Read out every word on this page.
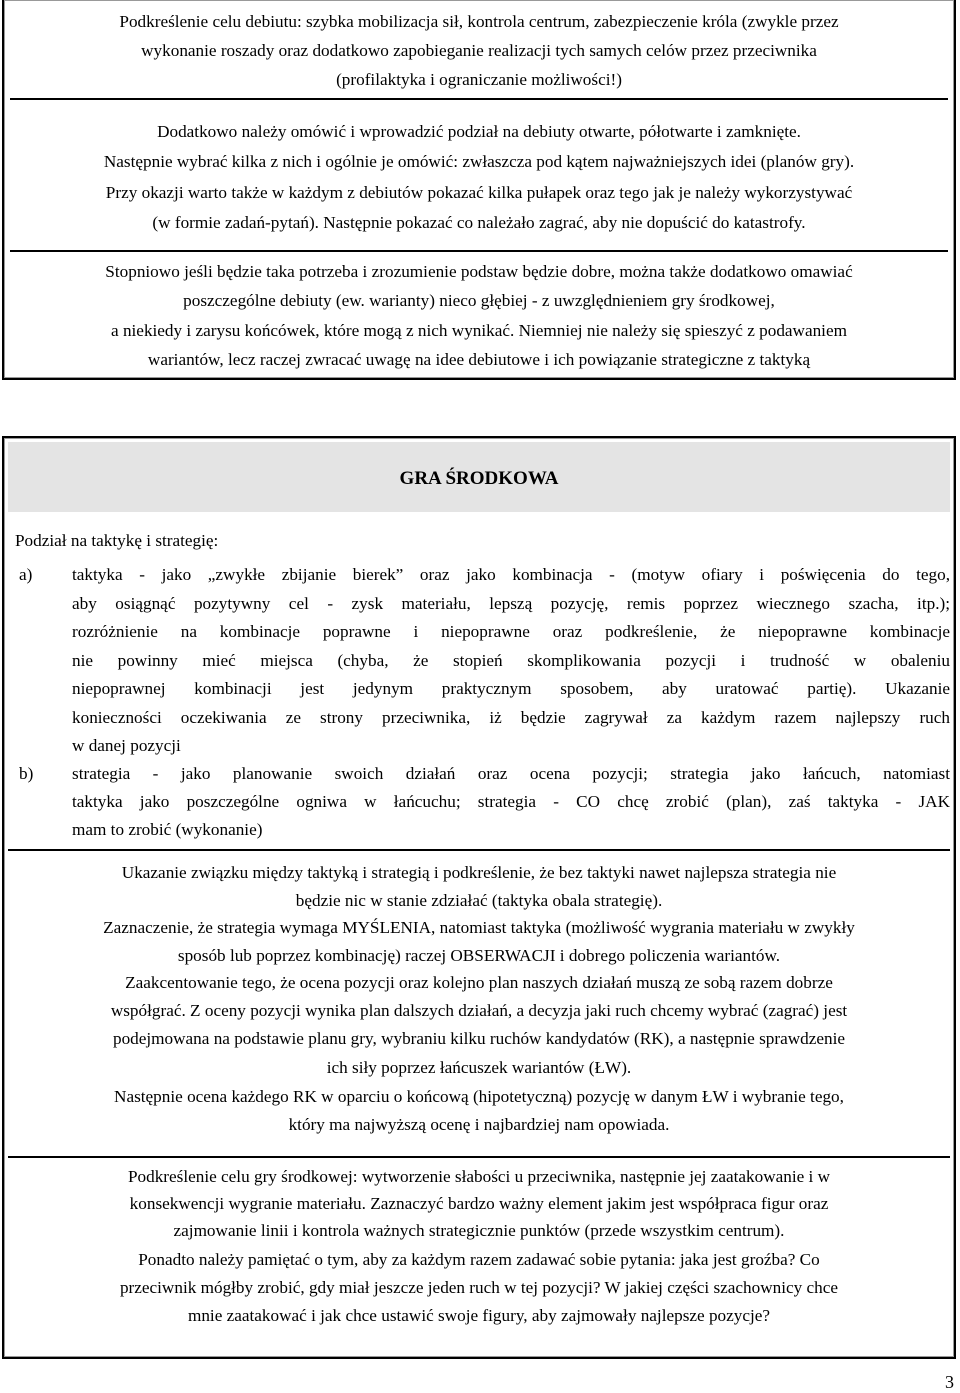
Podkreślenie celu debiutu: szybka mobilizacja sił, kontrola centrum, zabezpieczenie króla (zwykle przez

wykonanie roszady oraz dodatkowo zapobieganie realizacji tych samych celów przez przeciwnika

(profilaktyka i ograniczanie możliwości!)

Dodatkowo należy omówić i wprowadzić podział na debiuty otwarte, półotwarte i zamknięte.

Następnie wybrać kilka z nich i ogólnie je omówić: zwłaszcza pod kątem najważniejszych idei (planów gry).

Przy okazji warto także w każdym z debiutów pokazać kilka pułapek oraz tego jak je należy wykorzystywać

(w formie zadań-pytań). Następnie pokazać co należało zagrać, aby nie dopuścić do katastrofy.

Stopniowo jeśli będzie taka potrzeba i zrozumienie podstaw będzie dobre, można także dodatkowo omawiać

poszczególne debiuty (ew. warianty) nieco głębiej - z uwzględnieniem gry środkowej,

a niekiedy i zarysu końcówek, które mogą z nich wynikać. Niemniej nie należy się spieszyć z podawaniem

wariantów, lecz raczej zwracać uwagę na idee debiutowe i ich powiązanie strategiczne z taktyką

GRA ŚRODKOWA

Podział na taktykę i strategię:

a) taktyka - jako „zwykłe zbijanie bierek” oraz jako kombinacja - (motyw ofiary i poświęcenia do tego,

aby osiągnąć pozytywny cel - zysk materiału, lepszą pozycję, remis poprzez wiecznego szacha, itp.);

rozróżnienie na kombinacje poprawne i niepoprawne oraz podkreślenie, że niepoprawne kombinacje

nie powinny mieć miejsca (chyba, że stopień skomplikowania pozycji i trudność w obaleniu

niepoprawnej kombinacji jest jedynym praktycznym sposobem, aby uratować partię). Ukazanie

konieczności oczekiwania ze strony przeciwnika, iż będzie zagrywał za każdym razem najlepszy ruch

w danej pozycji

b) strategia - jako planowanie swoich działań oraz ocena pozycji; strategia jako łańcuch, natomiast

taktyka jako poszczególne ogniwa w łańcuchu; strategia - CO chcę zrobić (plan), zaś taktyka - JAK

mam to zrobić (wykonanie)

Ukazanie związku między taktyką i strategią i podkreślenie, że bez taktyki nawet najlepsza strategia nie

będzie nic w stanie zdziałać (taktyka obala strategię).

Zaznaczenie, że strategia wymaga MYŚLENIA, natomiast taktyka (możliwość wygrania materiału w zwykły

sposób lub poprzez kombinację) raczej OBSERWACJI i dobrego policzenia wariantów.

Zaakcentowanie tego, że ocena pozycji oraz kolejno plan naszych działań muszą ze sobą razem dobrze

współgrać. Z oceny pozycji wynika plan dalszych działań, a decyzja jaki ruch chcemy wybrać (zagrać) jest

podejmowana na podstawie planu gry, wybraniu kilku ruchów kandydatów (RK), a następnie sprawdzenie

ich siły poprzez łańcuszek wariantów (ŁW).

Następnie ocena każdego RK w oparciu o końcową (hipotetyczną) pozycję w danym ŁW i wybranie tego,

który ma najwyższą ocenę i najbardziej nam opowiada.

Podkreślenie celu gry środkowej: wytworzenie słabości u przeciwnika, następnie jej zaatakowanie i w

konsekwencji wygranie materiału. Zaznaczyć bardzo ważny element jakim jest współpraca figur oraz

zajmowanie linii i kontrola ważnych strategicznie punktów (przede wszystkim centrum).

Ponadto należy pamiętać o tym, aby za każdym razem zadawać sobie pytania: jaka jest groźba? Co

przeciwnik mógłby zrobić, gdy miał jeszcze jeden ruch w tej pozycji? W jakiej części szachownicy chce

mnie zaatakować i jak chce ustawić swoje figury, aby zajmowały najlepsze pozycje?

3
